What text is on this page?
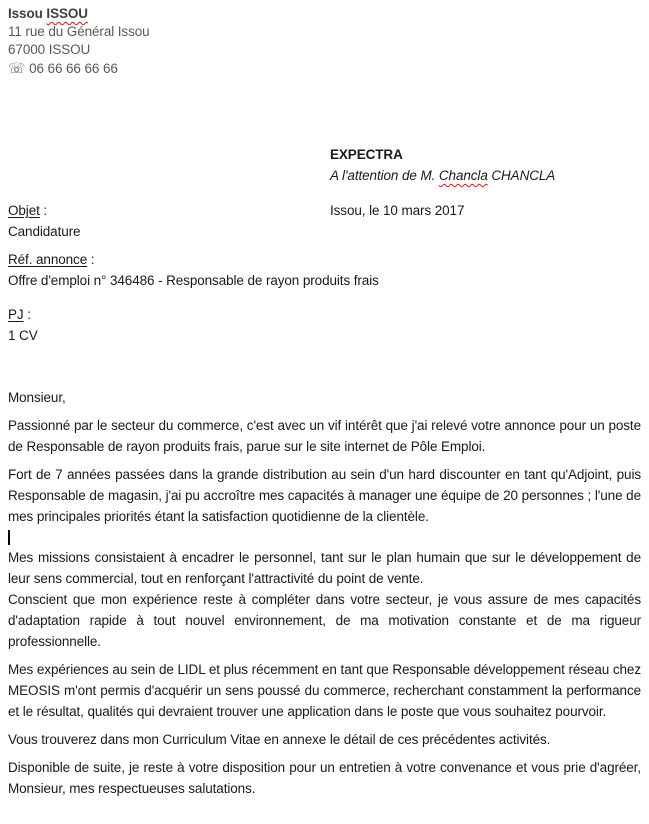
Issou ISSOU
11 rue du Général Issou
67000 ISSOU
☏ 06 66 66 66 66
EXPECTRA
A l'attention de M. Chancla CHANCLA
Objet :	Issou, le 10 mars 2017
Candidature
Réf. annonce :
Offre d'emploi n° 346486 - Responsable de rayon produits frais
PJ :
1 CV
Monsieur,

Passionné par le secteur du commerce, c'est avec un vif intérêt que j'ai relevé votre annonce pour un poste de Responsable de rayon produits frais, parue sur le site internet de Pôle Emploi.

Fort de 7 années passées dans la grande distribution au sein d'un hard discounter en tant qu'Adjoint, puis Responsable de magasin, j'ai pu accroître mes capacités à manager une équipe de 20 personnes ; l'une de mes principales priorités étant la satisfaction quotidienne de la clientèle.

Mes missions consistaient à encadrer le personnel, tant sur le plan humain que sur le développement de leur sens commercial, tout en renforçant l'attractivité du point de vente.

Conscient que mon expérience reste à compléter dans votre secteur, je vous assure de mes capacités d'adaptation rapide à tout nouvel environnement, de ma motivation constante et de ma rigueur professionnelle.

Mes expériences au sein de LIDL et plus récemment en tant que Responsable développement réseau chez MEOSIS m'ont permis d'acquérir un sens poussé du commerce, recherchant constamment la performance et le résultat, qualités qui devraient trouver une application dans le poste que vous souhaitez pourvoir.

Vous trouverez dans mon Curriculum Vitae en annexe le détail de ces précédentes activités.

Disponible de suite, je reste à votre disposition pour un entretien à votre convenance et vous prie d'agréer, Monsieur, mes respectueuses salutations.
